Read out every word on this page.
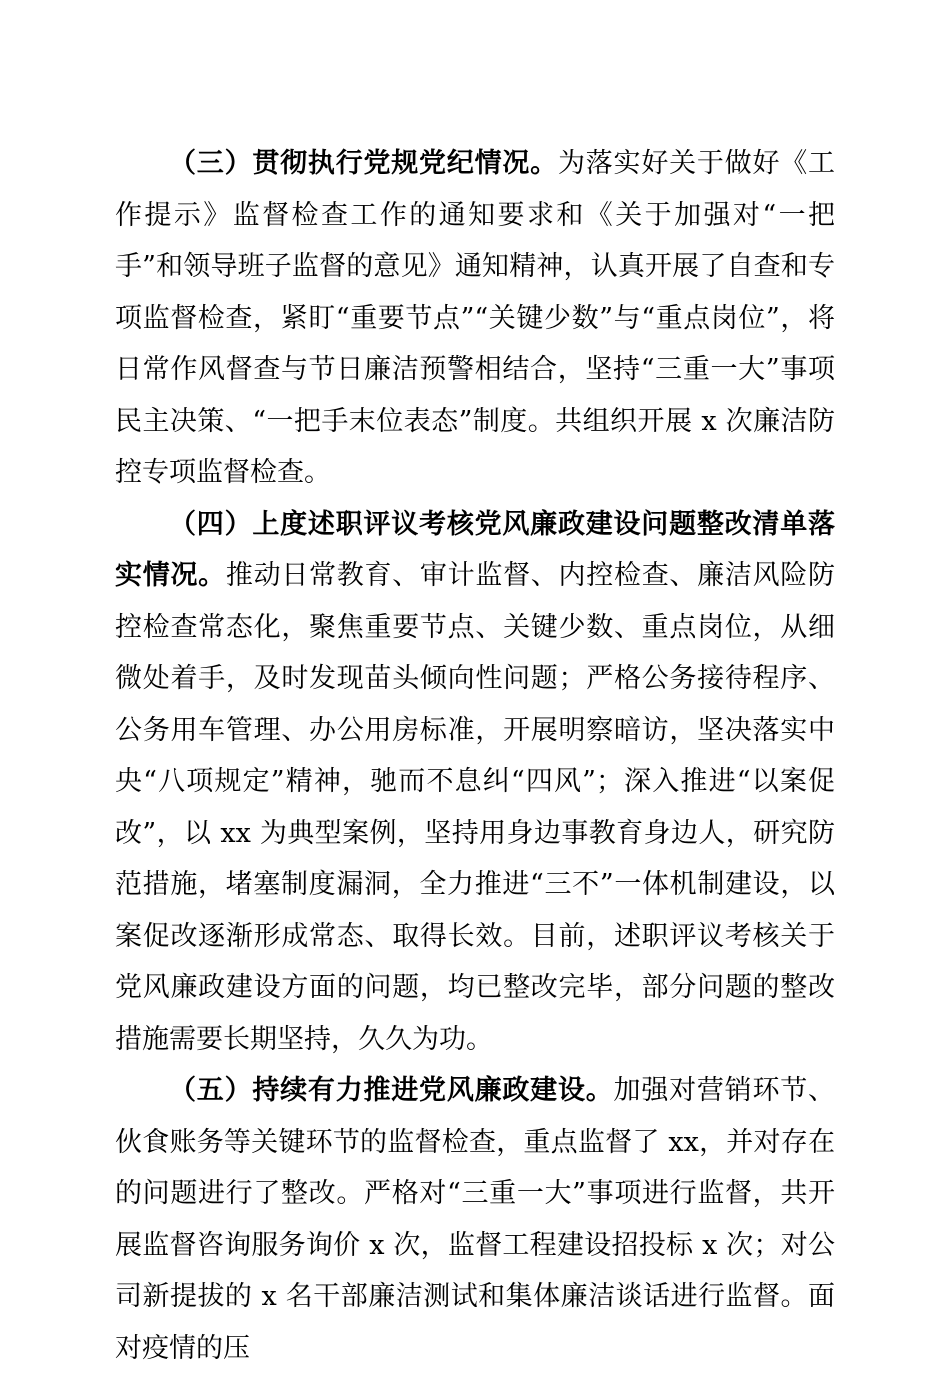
（三）贯彻执行党规党纪情况。为落实好关于做好《工作提示》监督检查工作的通知要求和《关于加强对“一把手”和领导班子监督的意见》通知精神，认真开展了自查和专项监督检查，紧盯“重要节点”“关键少数”与“重点岗位”，将日常作风督查与节日廉洁预警相结合，坚持“三重一大”事项民主决策、“一把手末位表态”制度。共组织开展 x 次廉洁防控专项监督检查。

（四）上度述职评议考核党风廉政建设问题整改清单落实情况。推动日常教育、审计监督、内控检查、廉洁风险防控检查常态化，聚焦重要节点、关键少数、重点岗位，从细微处着手，及时发现苗头倾向性问题；严格公务接待程序、公务用车管理、办公用房标准，开展明察暗访，坚决落实中央“八项规定”精神，驰而不息纠“四风”；深入推进“以案促改”，以 xx 为典型案例，坚持用身边事教育身边人，研究防范措施，堵塞制度漏洞，全力推进“三不”一体机制建设，以案促改逐渐形成常态、取得长效。目前，述职评议考核关于党风廉政建设方面的问题，均已整改完毕，部分问题的整改措施需要长期坚持，久久为功。

（五）持续有力推进党风廉政建设。加强对营销环节、伙食账务等关键环节的监督检查，重点监督了 xx，并对存在的问题进行了整改。严格对“三重一大”事项进行监督，共开展监督咨询服务询价 x 次，监督工程建设招投标 x 次；对公司新提拔的 x 名干部廉洁测试和集体廉洁谈话进行监督。面对疫情的压
